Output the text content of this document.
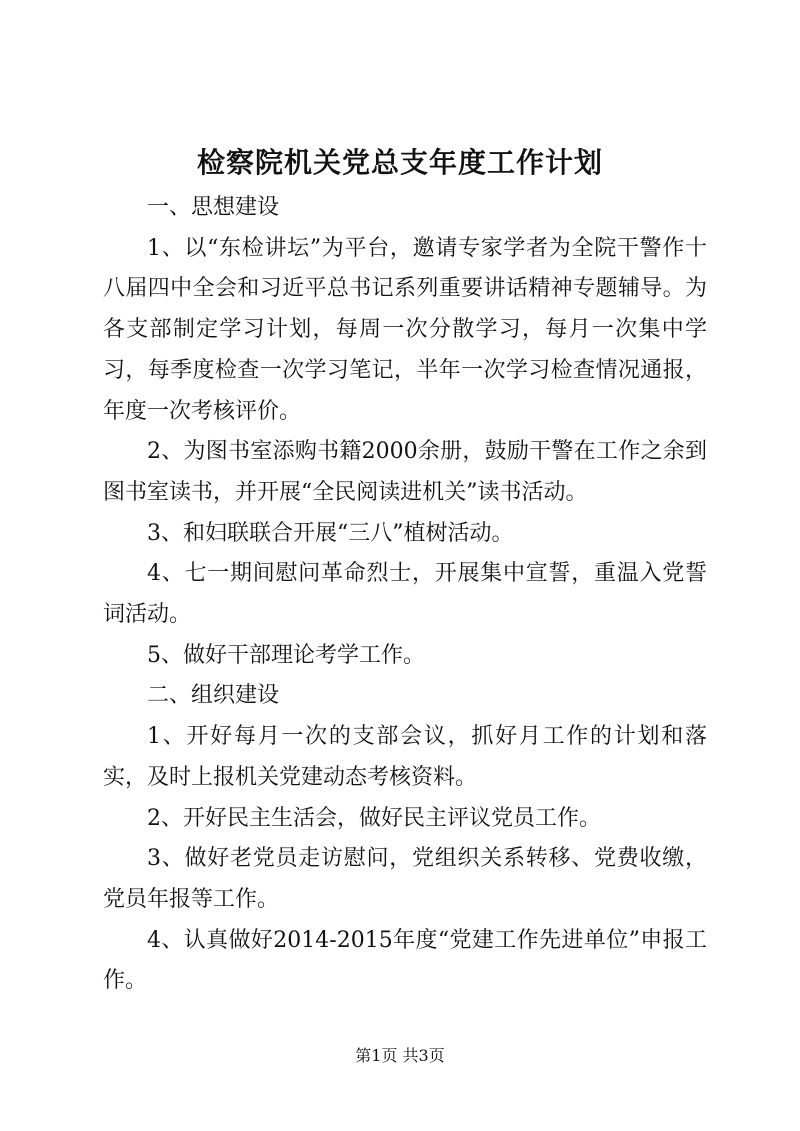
检察院机关党总支年度工作计划

一、思想建设

1、以“东检讲坛”为平台，邀请专家学者为全院干警作十八届四中全会和习近平总书记系列重要讲话精神专题辅导。为各支部制定学习计划，每周一次分散学习，每月一次集中学习，每季度检查一次学习笔记，半年一次学习检查情况通报，年度一次考核评价。

2、为图书室添购书籍2000余册，鼓励干警在工作之余到图书室读书，并开展“全民阅读进机关”读书活动。

3、和妇联联合开展“三八”植树活动。

4、七一期间慰问革命烈士，开展集中宣誓，重温入党誓词活动。

5、做好干部理论考学工作。

二、组织建设

1、开好每月一次的支部会议，抓好月工作的计划和落实，及时上报机关党建动态考核资料。

2、开好民主生活会，做好民主评议党员工作。

3、做好老党员走访慰问，党组织关系转移、党费收缴，党员年报等工作。

4、认真做好2014-2015年度“党建工作先进单位”申报工作。

第1页 共3页
